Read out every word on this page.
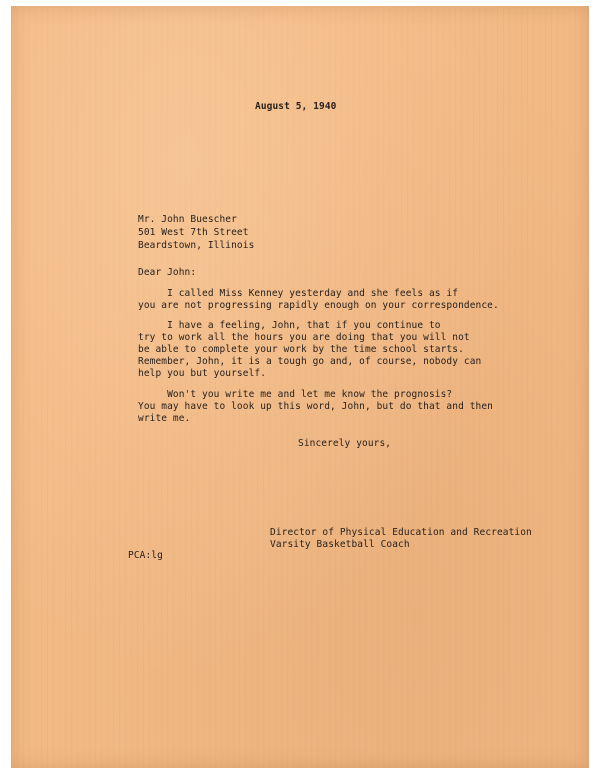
August 5, 1940
Mr. John Buescher
501 West 7th Street
Beardstown, Illinois
Dear John:
I called Miss Kenney yesterday and she feels as if
you are not progressing rapidly enough on your correspondence.
I have a feeling, John, that if you continue to
try to work all the hours you are doing that you will not
be able to complete your work by the time school starts.
Remember, John, it is a tough go and, of course, nobody can
help you but yourself.
Won't you write me and let me know the prognosis?
You may have to look up this word, John, but do that and then
write me.
Sincerely yours,
Director of Physical Education and Recreation
Varsity Basketball Coach
PCA:lg
